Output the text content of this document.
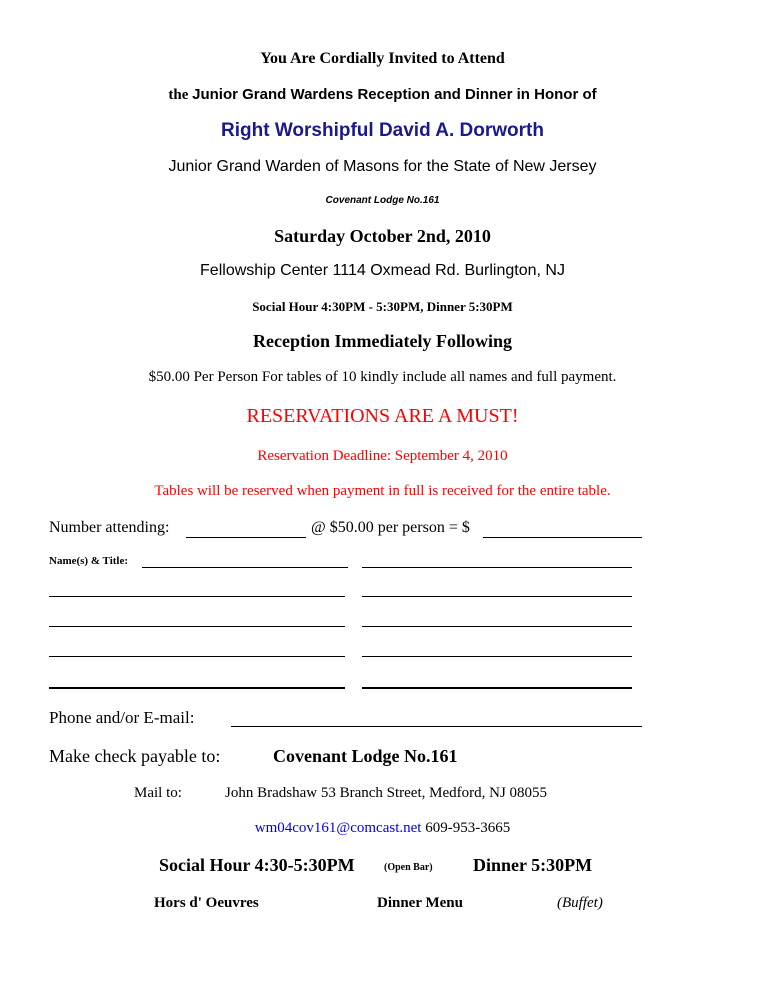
You Are Cordially Invited to Attend
the Junior Grand Wardens Reception and Dinner in Honor of
Right Worshipful David A. Dorworth
Junior Grand Warden of Masons for the State of New Jersey
Covenant Lodge No.161
Saturday October 2nd, 2010
Fellowship Center 1114 Oxmead Rd. Burlington, NJ
Social Hour 4:30PM - 5:30PM, Dinner 5:30PM
Reception Immediately Following
$50.00 Per Person For tables of 10 kindly include all names and full payment.
RESERVATIONS ARE A MUST!
Reservation Deadline: September 4, 2010
Tables will be reserved when payment in full is received for the entire table.
Number attending:	@ $50.00 per person = $
Name(s) & Title:
Phone and/or E-mail:
Make check payable to:	Covenant Lodge No.161
Mail to:	John Bradshaw 53 Branch Street, Medford, NJ 08055
wm04cov161@comcast.net 609-953-3665
Social Hour 4:30-5:30PM	(Open Bar) Dinner 5:30PM
Hors d' Oeuvres	Dinner Menu	(Buffet)
